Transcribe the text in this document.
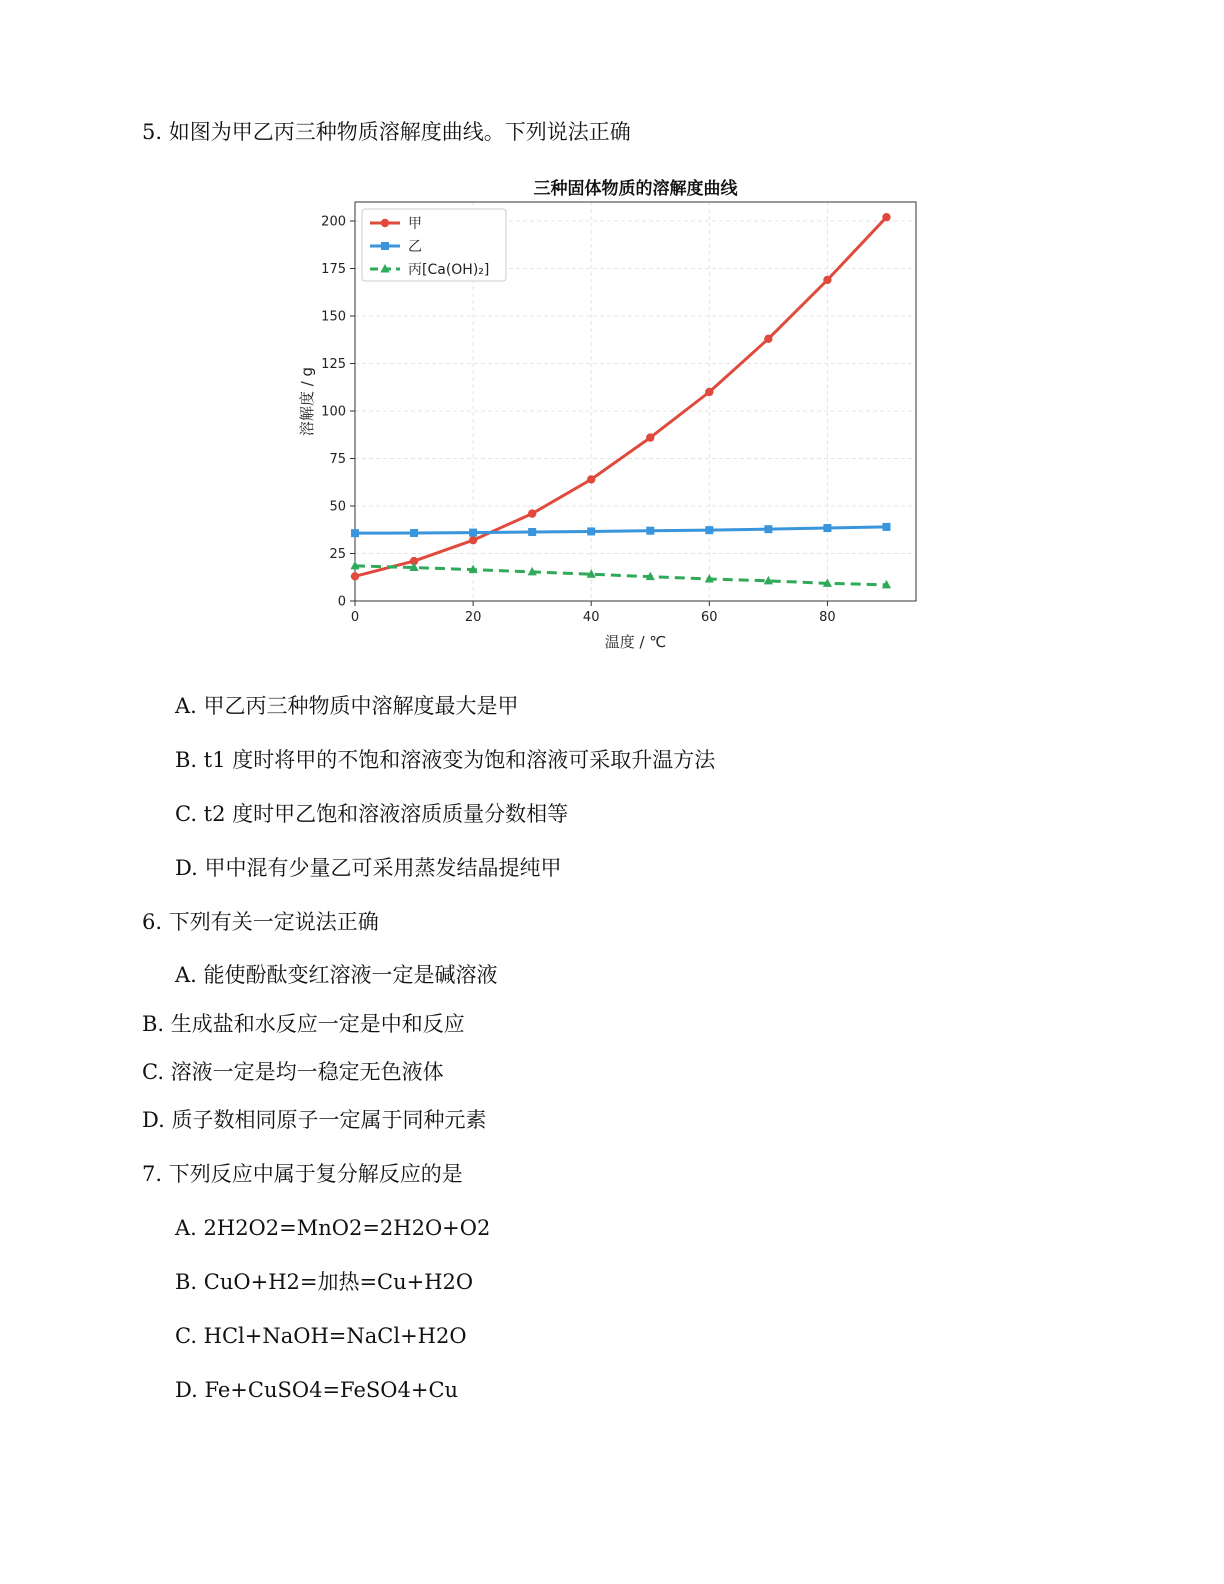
5. 如图为甲乙丙三种物质溶解度曲线。下列说法正确
0	20	40	60	80
0
25
50
75
100
125
150
175
200
三种固体物质的溶解度曲线
温度 / ℃
溶解度 / g
甲
乙
丙[Ca(OH)₂]
A. 甲乙丙三种物质中溶解度最大是甲
B. t1 度时将甲的不饱和溶液变为饱和溶液可采取升温方法
C. t2 度时甲乙饱和溶液溶质质量分数相等
D. 甲中混有少量乙可采用蒸发结晶提纯甲
6. 下列有关一定说法正确
A. 能使酚酞变红溶液一定是碱溶液
B. 生成盐和水反应一定是中和反应
C. 溶液一定是均一稳定无色液体
D. 质子数相同原子一定属于同种元素
7. 下列反应中属于复分解反应的是
A. 2H2O2=MnO2=2H2O+O2
B. CuO+H2=加热=Cu+H2O
C. HCl+NaOH=NaCl+H2O
D. Fe+CuSO4=FeSO4+Cu
